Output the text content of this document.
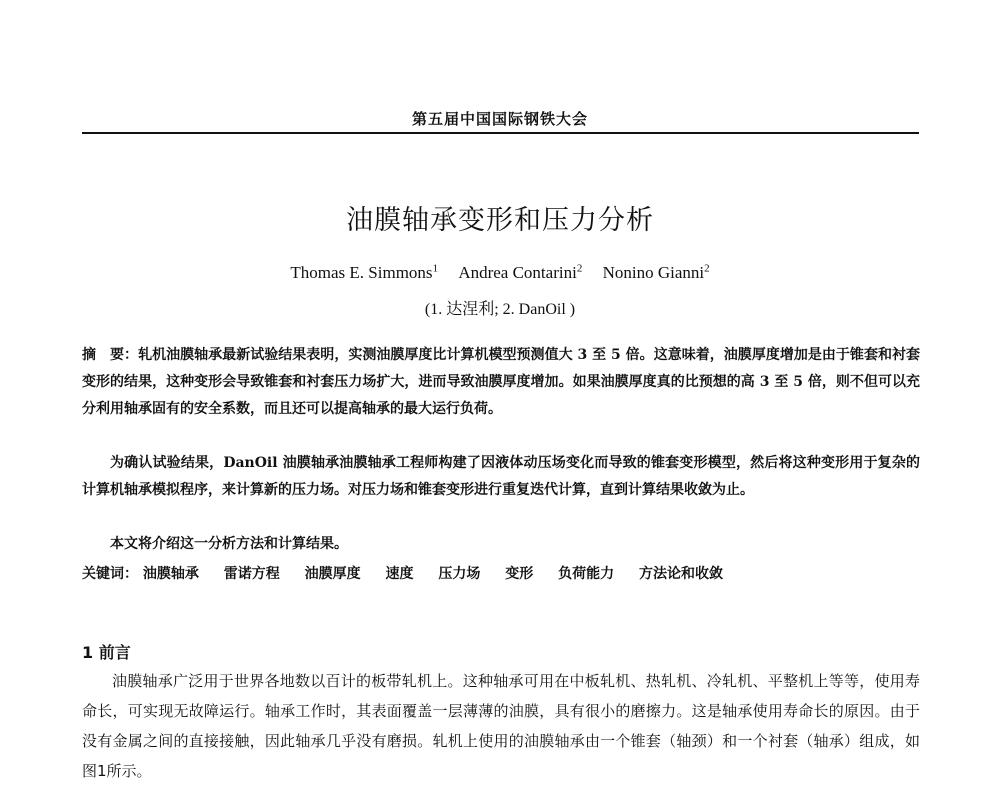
第五届中国国际钢铁大会
油膜轴承变形和压力分析
Thomas E. Simmons$^1$ Andrea Contarini$^2$ Nonino Gianni$^2$
(1. 达涅利; 2. DanOil )

摘　要：轧机油膜轴承最新试验结果表明，实测油膜厚度比计算机模型预测值大 3 至 5 倍。这意味着，油膜厚度增加是由于锥套和衬套变形的结果，这种变形会导致锥套和衬套压力场扩大，进而导致油膜厚度增加。如果油膜厚度真的比预想的高 3 至 5 倍，则不但可以充分利用轴承固有的安全系数，而且还可以提高轴承的最大运行负荷。

为确认试验结果，DanOil 油膜轴承油膜轴承工程师构建了因液体动压场变化而导致的锥套变形模型，然后将这种变形用于复杂的计算机轴承模拟程序，来计算新的压力场。对压力场和锥套变形进行重复迭代计算，直到计算结果收敛为止。

本文将介绍这一分析方法和计算结果。

关键词： 油膜轴承 雷诺方程 油膜厚度 速度 压力场 变形 负荷能力 方法论和收敛
1 前言

油膜轴承广泛用于世界各地数以百计的板带轧机上。这种轴承可用在中板轧机、热轧机、冷轧机、平整机上等等，使用寿命长，可实现无故障运行。轴承工作时，其表面覆盖一层薄薄的油膜，具有很小的磨擦力。这是轴承使用寿命长的原因。由于没有金属之间的直接接触，因此轴承几乎没有磨损。轧机上使用的油膜轴承由一个锥套（轴颈）和一个衬套（轴承）组成，如图1所示。
